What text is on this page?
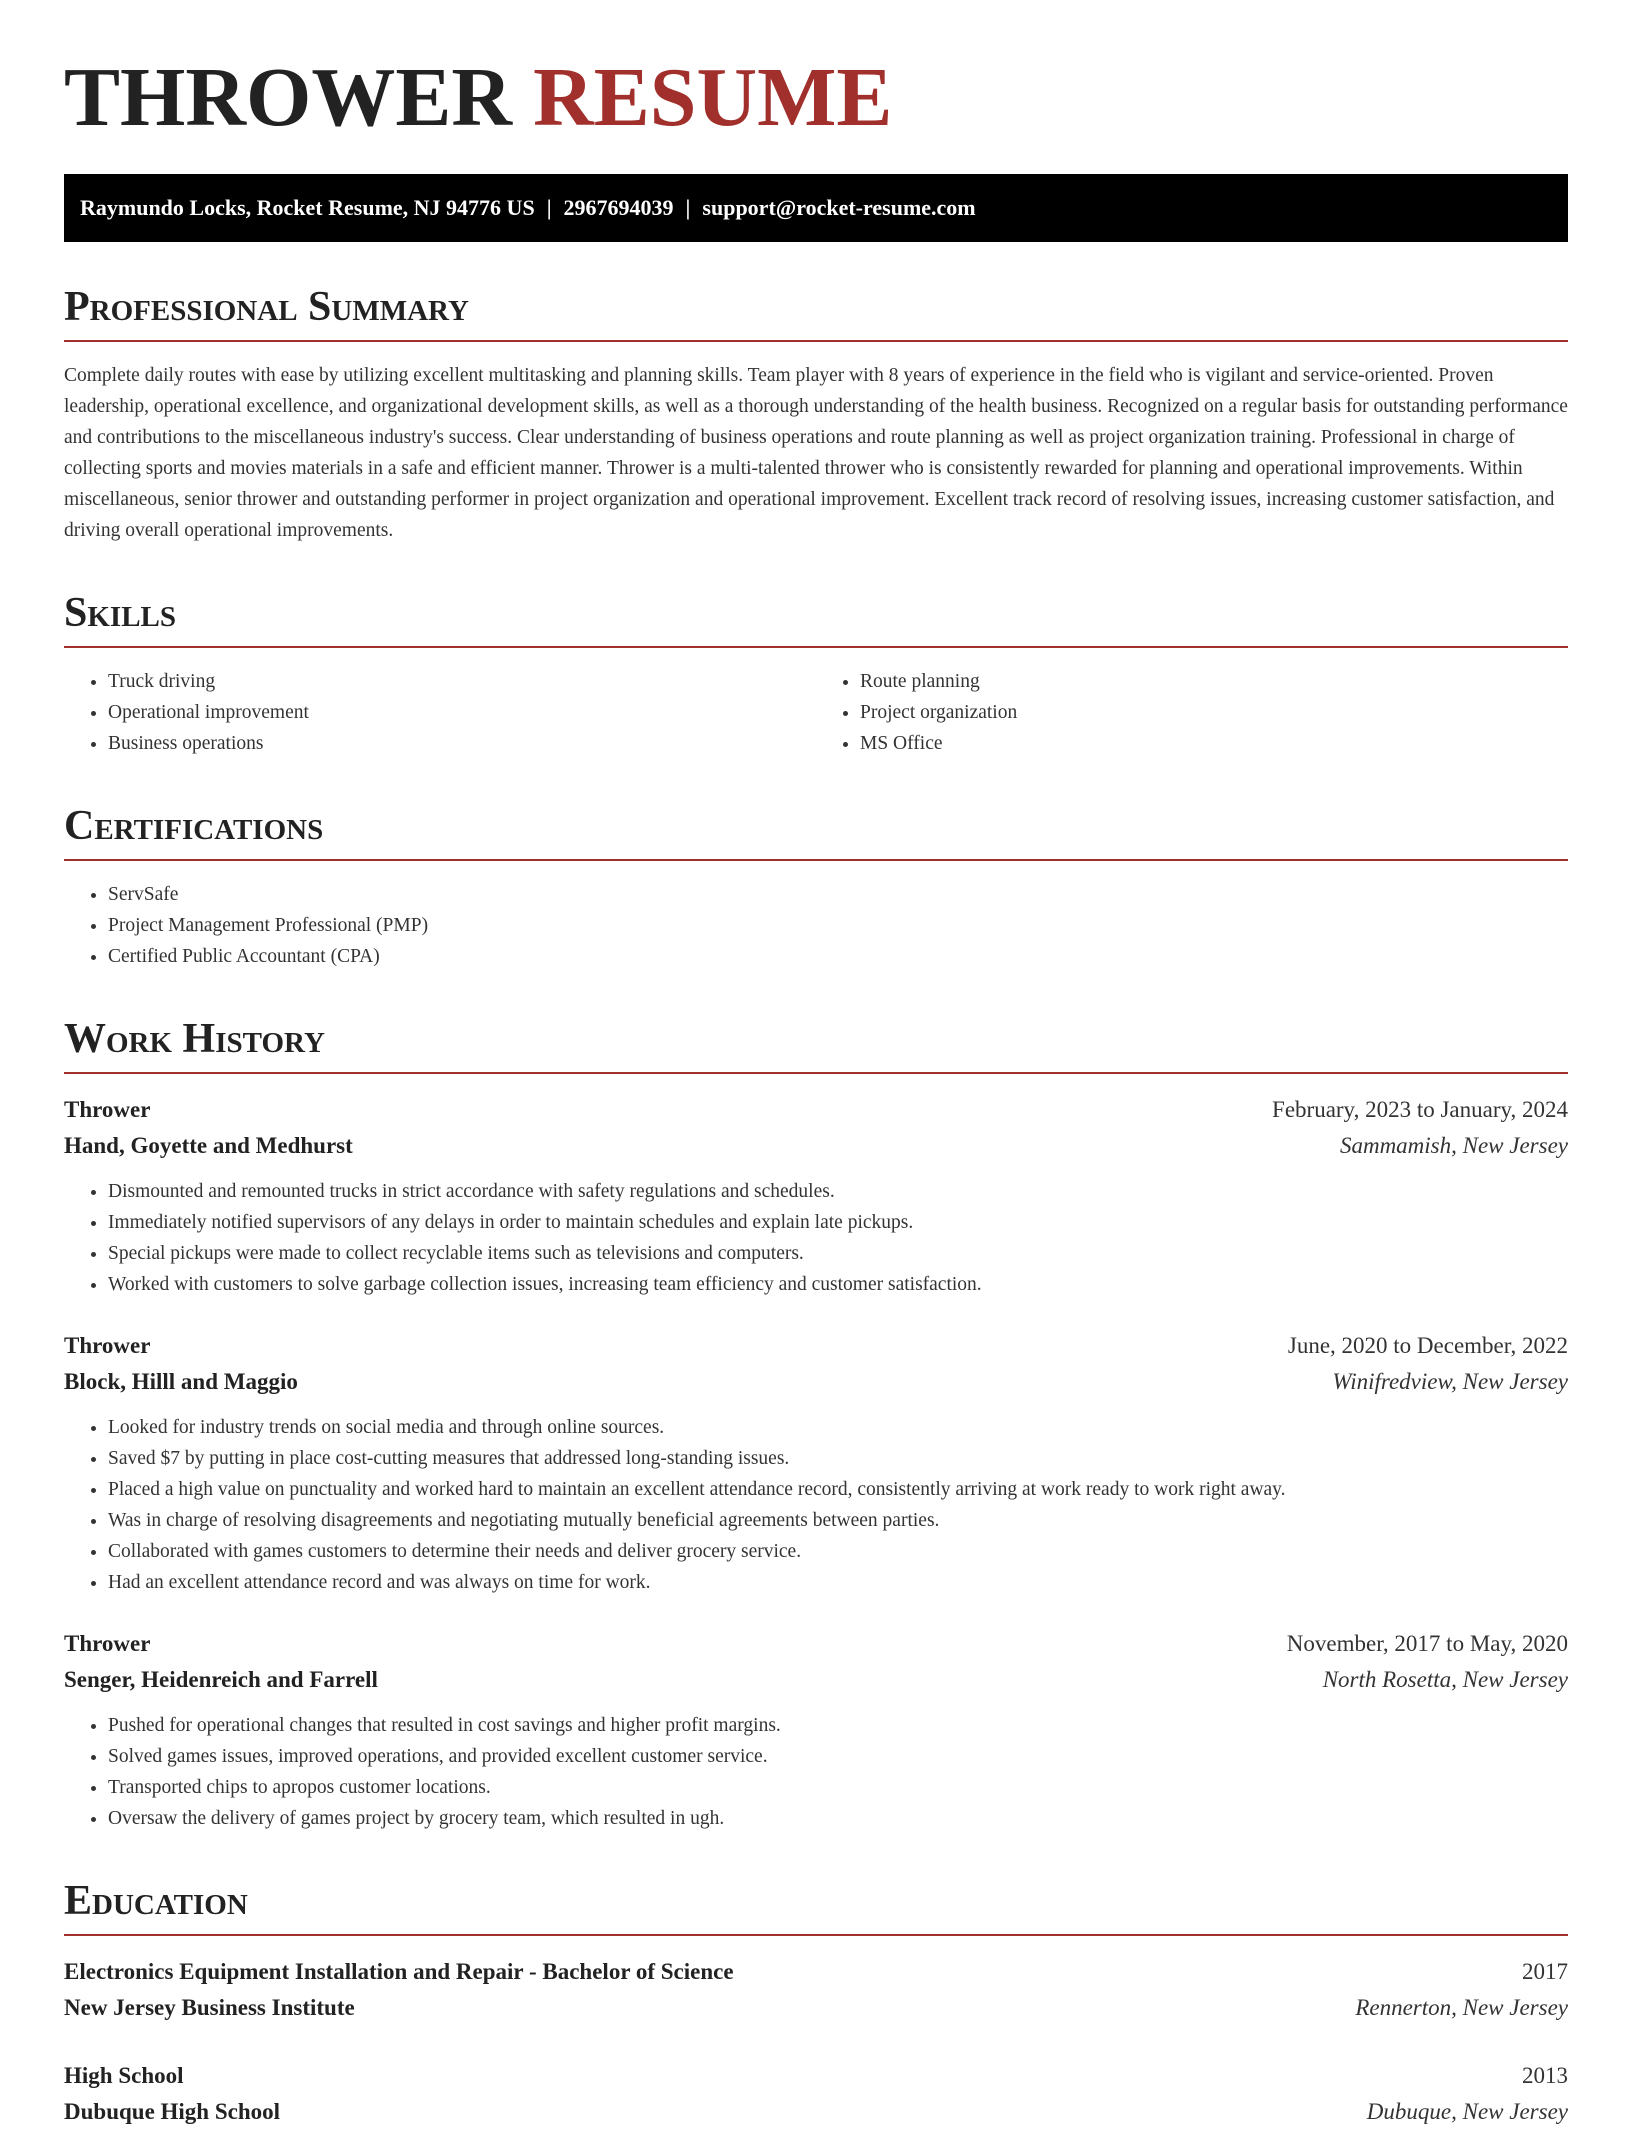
THROWER RESUME
Raymundo Locks, Rocket Resume, NJ 94776 US | 2967694039 | support@rocket-resume.com
Professional Summary

Complete daily routes with ease by utilizing excellent multitasking and planning skills. Team player with 8 years of experience in the field who is vigilant and service-oriented. Proven leadership, operational excellence, and organizational development skills, as well as a thorough understanding of the health business. Recognized on a regular basis for outstanding performance and contributions to the miscellaneous industry's success. Clear understanding of business operations and route planning as well as project organization training. Professional in charge of collecting sports and movies materials in a safe and efficient manner. Thrower is a multi-talented thrower who is consistently rewarded for planning and operational improvements. Within miscellaneous, senior thrower and outstanding performer in project organization and operational improvement. Excellent track record of resolving issues, increasing customer satisfaction, and driving overall operational improvements.

Skills
• Truck driving
• Operational improvement
• Business operations
• Route planning
• Project organization
• MS Office
Certifications
• ServSafe
• Project Management Professional (PMP)
• Certified Public Accountant (CPA)
Work History
Thrower	February, 2023 to January, 2024
Hand, Goyette and Medhurst	Sammamish, New Jersey
• Dismounted and remounted trucks in strict accordance with safety regulations and schedules.
• Immediately notified supervisors of any delays in order to maintain schedules and explain late pickups.
• Special pickups were made to collect recyclable items such as televisions and computers.
• Worked with customers to solve garbage collection issues, increasing team efficiency and customer satisfaction.
Thrower	June, 2020 to December, 2022
Block, Hilll and Maggio	Winifredview, New Jersey
• Looked for industry trends on social media and through online sources.
• Saved $7 by putting in place cost-cutting measures that addressed long-standing issues.
• Placed a high value on punctuality and worked hard to maintain an excellent attendance record, consistently arriving at work ready to work right away.
• Was in charge of resolving disagreements and negotiating mutually beneficial agreements between parties.
• Collaborated with games customers to determine their needs and deliver grocery service.
• Had an excellent attendance record and was always on time for work.
Thrower	November, 2017 to May, 2020
Senger, Heidenreich and Farrell	North Rosetta, New Jersey
• Pushed for operational changes that resulted in cost savings and higher profit margins.
• Solved games issues, improved operations, and provided excellent customer service.
• Transported chips to apropos customer locations.
• Oversaw the delivery of games project by grocery team, which resulted in ugh.
Education
Electronics Equipment Installation and Repair - Bachelor of Science	2017
New Jersey Business Institute	Rennerton, New Jersey
High School	2013
Dubuque High School	Dubuque, New Jersey
